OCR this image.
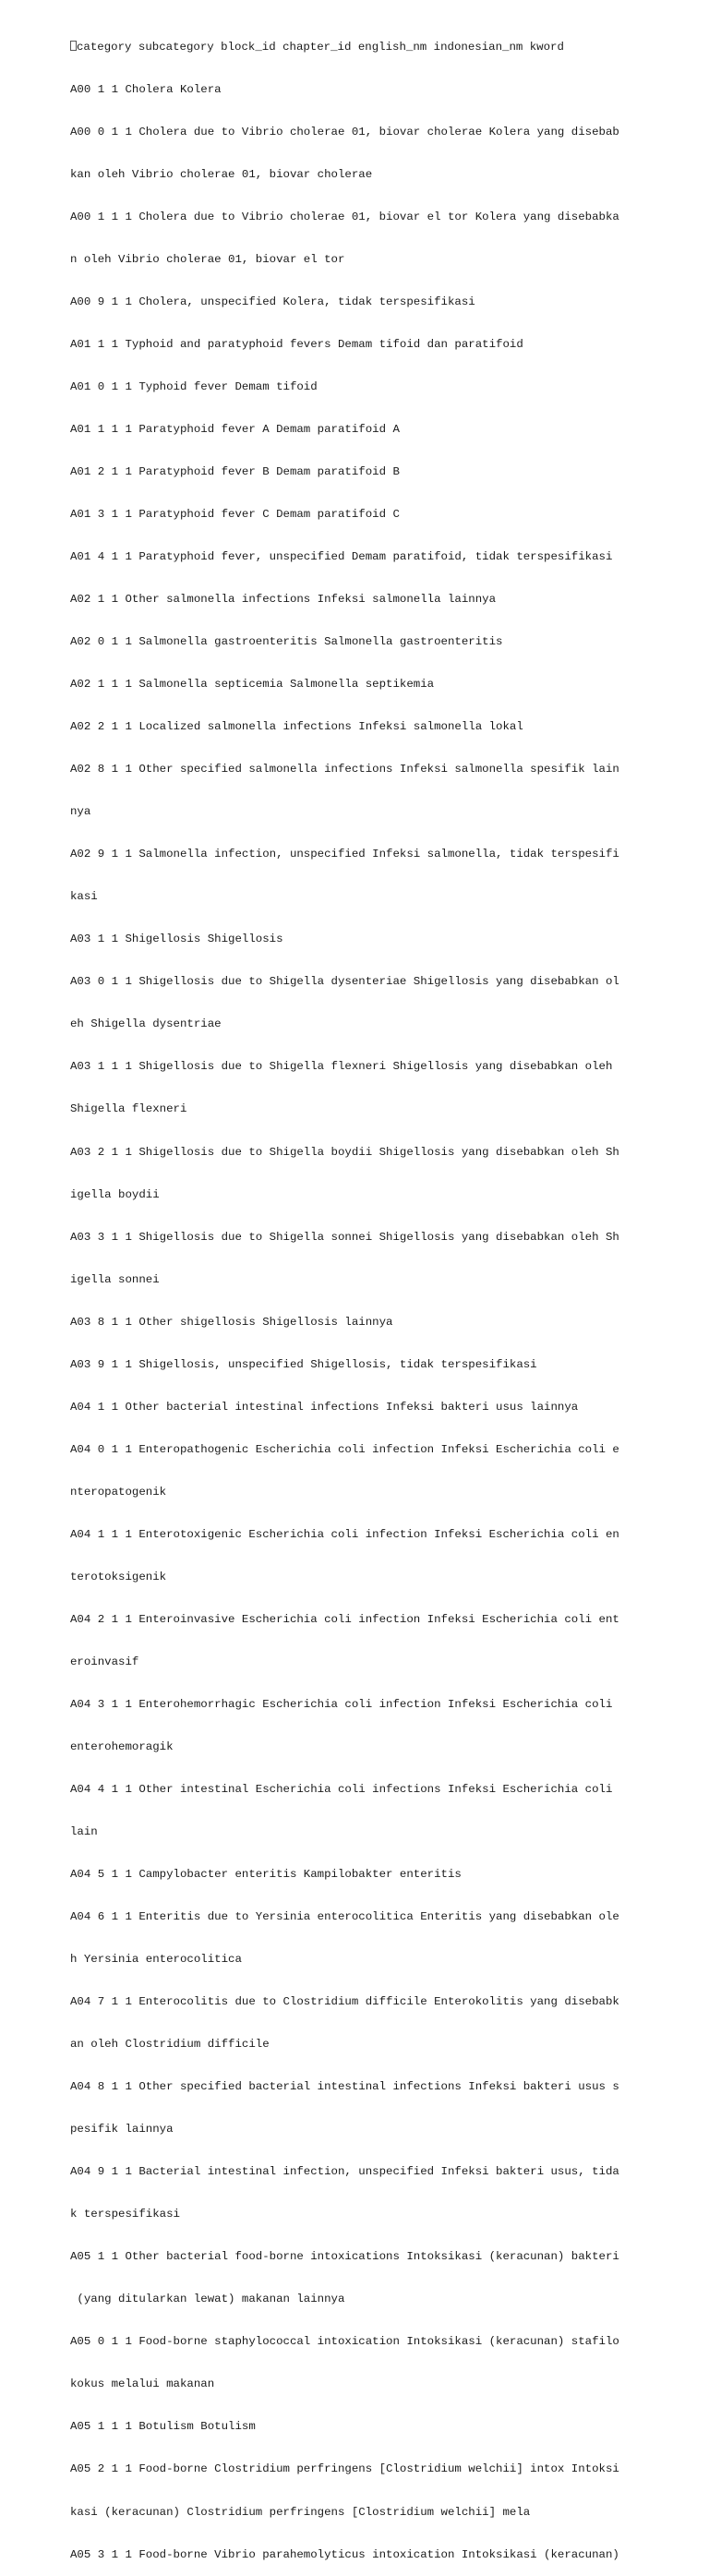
category subcategory block_id chapter_id english_nm indonesian_nm kword

A00 1 1 Cholera Kolera

A00 0 1 1 Cholera due to Vibrio cholerae 01, biovar cholerae Kolera yang disebab

kan oleh Vibrio cholerae 01, biovar cholerae

A00 1 1 1 Cholera due to Vibrio cholerae 01, biovar el tor Kolera yang disebabka

n oleh Vibrio cholerae 01, biovar el tor

A00 9 1 1 Cholera, unspecified Kolera, tidak terspesifikasi

A01 1 1 Typhoid and paratyphoid fevers Demam tifoid dan paratifoid

A01 0 1 1 Typhoid fever Demam tifoid

A01 1 1 1 Paratyphoid fever A Demam paratifoid A

A01 2 1 1 Paratyphoid fever B Demam paratifoid B

A01 3 1 1 Paratyphoid fever C Demam paratifoid C

A01 4 1 1 Paratyphoid fever, unspecified Demam paratifoid, tidak terspesifikasi

A02 1 1 Other salmonella infections Infeksi salmonella lainnya

A02 0 1 1 Salmonella gastroenteritis Salmonella gastroenteritis

A02 1 1 1 Salmonella septicemia Salmonella septikemia

A02 2 1 1 Localized salmonella infections Infeksi salmonella lokal

A02 8 1 1 Other specified salmonella infections Infeksi salmonella spesifik lain

nya

A02 9 1 1 Salmonella infection, unspecified Infeksi salmonella, tidak terspesifi

kasi

A03 1 1 Shigellosis Shigellosis

A03 0 1 1 Shigellosis due to Shigella dysenteriae Shigellosis yang disebabkan ol

eh Shigella dysentriae

A03 1 1 1 Shigellosis due to Shigella flexneri Shigellosis yang disebabkan oleh

Shigella flexneri

A03 2 1 1 Shigellosis due to Shigella boydii Shigellosis yang disebabkan oleh Sh

igella boydii

A03 3 1 1 Shigellosis due to Shigella sonnei Shigellosis yang disebabkan oleh Sh

igella sonnei

A03 8 1 1 Other shigellosis Shigellosis lainnya

A03 9 1 1 Shigellosis, unspecified Shigellosis, tidak terspesifikasi

A04 1 1 Other bacterial intestinal infections Infeksi bakteri usus lainnya

A04 0 1 1 Enteropathogenic Escherichia coli infection Infeksi Escherichia coli e

nteropatogenik

A04 1 1 1 Enterotoxigenic Escherichia coli infection Infeksi Escherichia coli en

terotoksigenik

A04 2 1 1 Enteroinvasive Escherichia coli infection Infeksi Escherichia coli ent

eroinvasif

A04 3 1 1 Enterohemorrhagic Escherichia coli infection Infeksi Escherichia coli

enterohemoragik

A04 4 1 1 Other intestinal Escherichia coli infections Infeksi Escherichia coli

lain

A04 5 1 1 Campylobacter enteritis Kampilobakter enteritis

A04 6 1 1 Enteritis due to Yersinia enterocolitica Enteritis yang disebabkan ole

h Yersinia enterocolitica

A04 7 1 1 Enterocolitis due to Clostridium difficile Enterokolitis yang disebabk

an oleh Clostridium difficile

A04 8 1 1 Other specified bacterial intestinal infections Infeksi bakteri usus s

pesifik lainnya

A04 9 1 1 Bacterial intestinal infection, unspecified Infeksi bakteri usus, tida

k terspesifikasi

A05 1 1 Other bacterial food-borne intoxications Intoksikasi (keracunan) bakteri

(yang ditularkan lewat) makanan lainnya

A05 0 1 1 Food-borne staphylococcal intoxication Intoksikasi (keracunan) stafilo

kokus melalui makanan

A05 1 1 1 Botulism Botulism

A05 2 1 1 Food-borne Clostridium perfringens [Clostridium welchii] intox Intoksi

kasi (keracunan) Clostridium perfringens [Clostridium welchii] mela

A05 3 1 1 Food-borne Vibrio parahemolyticus intoxication Intoksikasi (keracunan)
